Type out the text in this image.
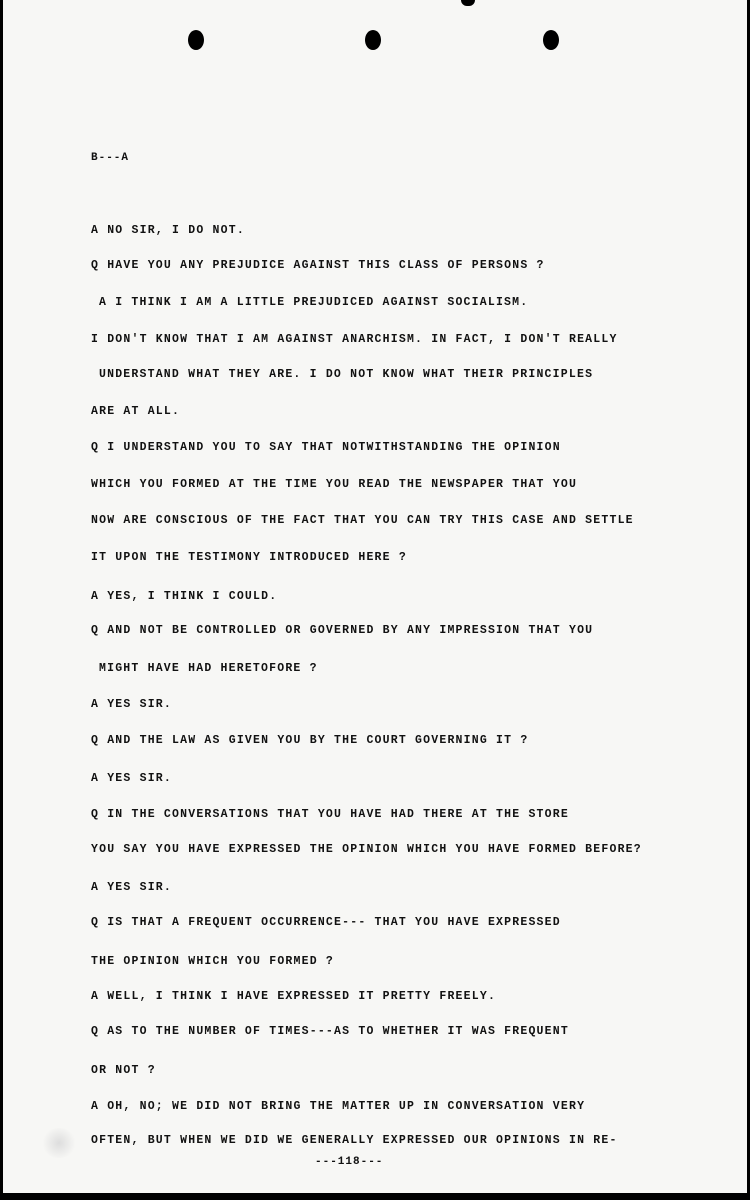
B---A
A NO SIR, I DO NOT.
Q HAVE YOU ANY PREJUDICE AGAINST THIS CLASS OF PERSONS ?
A I THINK I AM A LITTLE PREJUDICED AGAINST SOCIALISM.
I DON'T KNOW THAT I AM AGAINST ANARCHISM. IN FACT, I DON'T REALLY
UNDERSTAND WHAT THEY ARE. I DO NOT KNOW WHAT THEIR PRINCIPLES
ARE AT ALL.
Q I UNDERSTAND YOU TO SAY THAT NOTWITHSTANDING THE OPINION
WHICH YOU FORMED AT THE TIME YOU READ THE NEWSPAPER THAT YOU
NOW ARE CONSCIOUS OF THE FACT THAT YOU CAN TRY THIS CASE AND SETTLE
IT UPON THE TESTIMONY INTRODUCED HERE ?
A YES, I THINK I COULD.
Q AND NOT BE CONTROLLED OR GOVERNED BY ANY IMPRESSION THAT YOU
MIGHT HAVE HAD HERETOFORE ?
A YES SIR.
Q AND THE LAW AS GIVEN YOU BY THE COURT GOVERNING IT ?
A YES SIR.
Q IN THE CONVERSATIONS THAT YOU HAVE HAD THERE AT THE STORE
YOU SAY YOU HAVE EXPRESSED THE OPINION WHICH YOU HAVE FORMED BEFORE?
A YES SIR.
Q IS THAT A FREQUENT OCCURRENCE--- THAT YOU HAVE EXPRESSED
THE OPINION WHICH YOU FORMED ?
A WELL, I THINK I HAVE EXPRESSED IT PRETTY FREELY.
Q AS TO THE NUMBER OF TIMES---AS TO WHETHER IT WAS FREQUENT
OR NOT ?
A OH, NO; WE DID NOT BRING THE MATTER UP IN CONVERSATION VERY
OFTEN, BUT WHEN WE DID WE GENERALLY EXPRESSED OUR OPINIONS IN RE-
---118---
